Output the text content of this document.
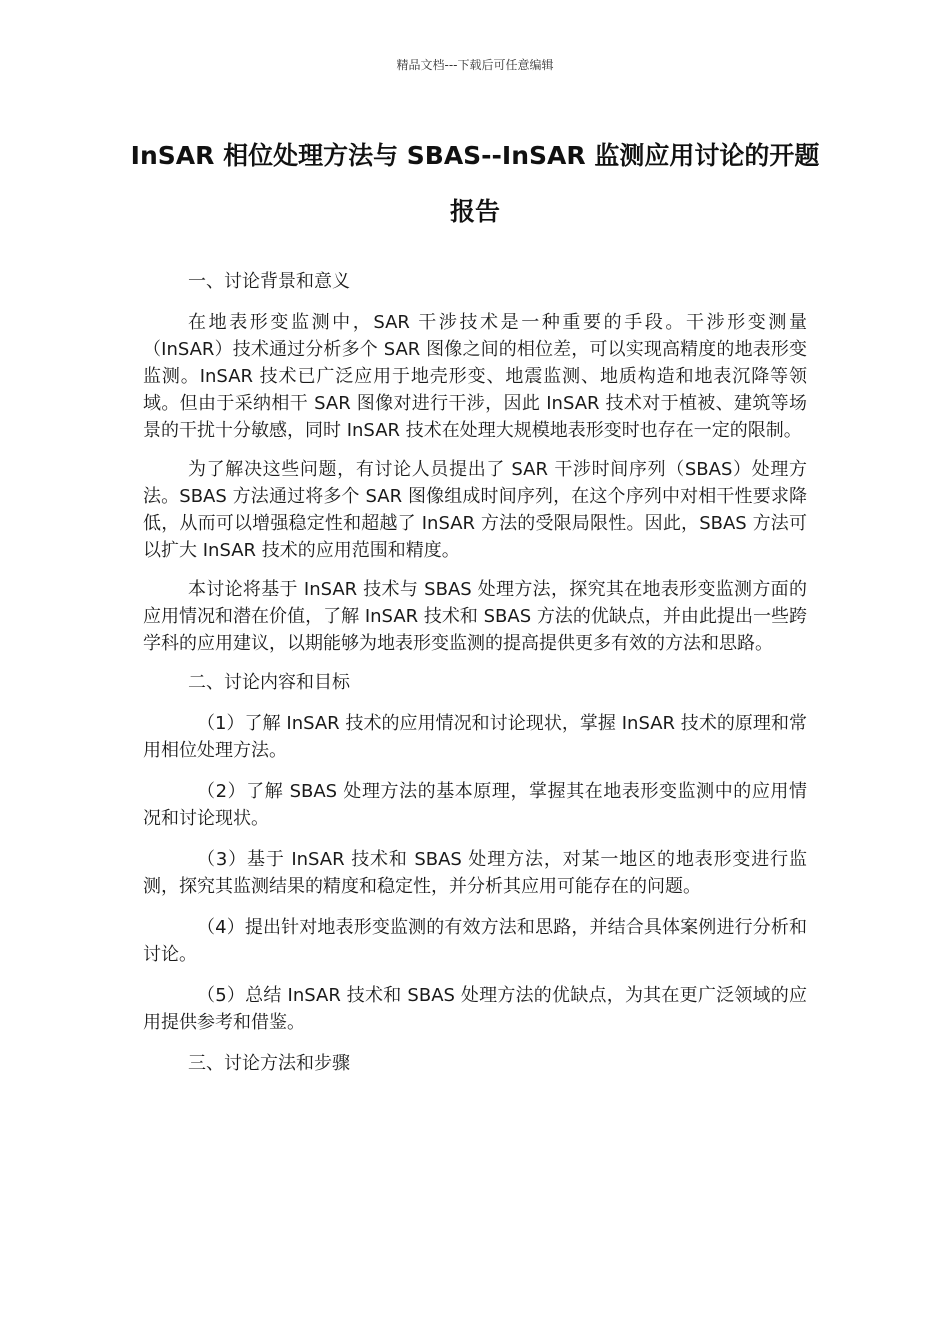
精品文档---下载后可任意编辑
InSAR 相位处理方法与 SBAS--InSAR 监测应用讨论的开题报告

一、讨论背景和意义

在地表形变监测中，SAR 干涉技术是一种重要的手段。干涉形变测量（InSAR）技术通过分析多个 SAR 图像之间的相位差，可以实现高精度的地表形变监测。InSAR 技术已广泛应用于地壳形变、地震监测、地质构造和地表沉降等领域。但由于采纳相干 SAR 图像对进行干涉，因此 InSAR 技术对于植被、建筑等场景的干扰十分敏感，同时 InSAR 技术在处理大规模地表形变时也存在一定的限制。

为了解决这些问题，有讨论人员提出了 SAR 干涉时间序列（SBAS）处理方法。SBAS 方法通过将多个 SAR 图像组成时间序列，在这个序列中对相干性要求降低，从而可以增强稳定性和超越了 InSAR 方法的受限局限性。因此，SBAS 方法可以扩大 InSAR 技术的应用范围和精度。

本讨论将基于 InSAR 技术与 SBAS 处理方法，探究其在地表形变监测方面的应用情况和潜在价值，了解 InSAR 技术和 SBAS 方法的优缺点，并由此提出一些跨学科的应用建议，以期能够为地表形变监测的提高提供更多有效的方法和思路。

二、讨论内容和目标

（1）了解 InSAR 技术的应用情况和讨论现状，掌握 InSAR 技术的原理和常用相位处理方法。

（2）了解 SBAS 处理方法的基本原理，掌握其在地表形变监测中的应用情况和讨论现状。

（3）基于 InSAR 技术和 SBAS 处理方法，对某一地区的地表形变进行监测，探究其监测结果的精度和稳定性，并分析其应用可能存在的问题。

（4）提出针对地表形变监测的有效方法和思路，并结合具体案例进行分析和讨论。

（5）总结 InSAR 技术和 SBAS 处理方法的优缺点，为其在更广泛领域的应用提供参考和借鉴。

三、讨论方法和步骤
